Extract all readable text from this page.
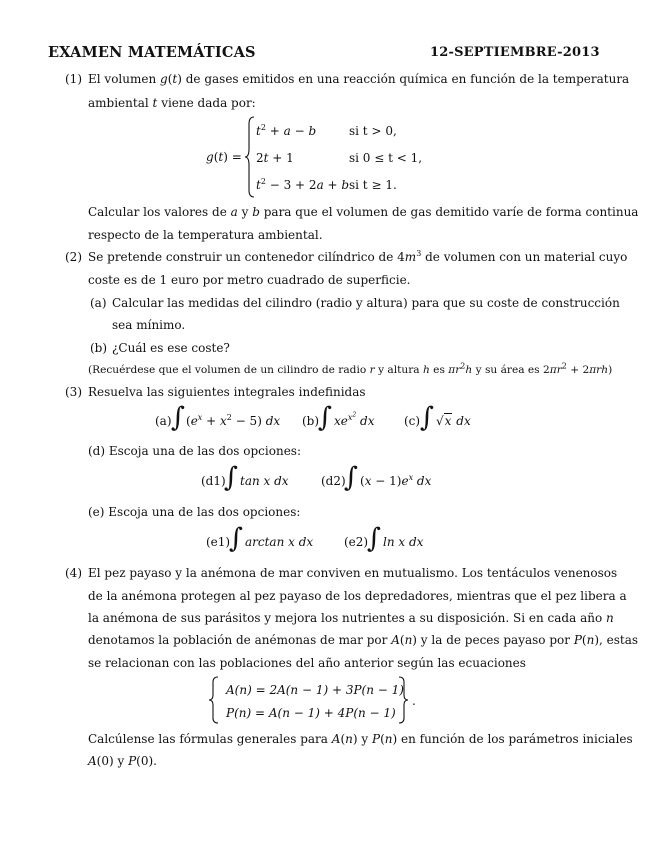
EXAMEN MATEMÁTICAS	12-SEPTIEMBRE-2013
(1) El volumen g(t) de gases emitidos en una reacción química en función de la temperatura
ambiental t viene dada por:
g(t) =
$t^2 + a - b$	si t > 0,
2t + 1	si 0 ≤ t < 1,
$t^2 - 3 + 2a + b$ si t ≥ 1.
Calcular los valores de a y b para que el volumen de gas demitido varíe de forma continua
respecto de la temperatura ambiental.
(2) Se pretende construir un contenedor cilíndrico de $4m^3$ de volumen con un material cuyo
coste es de 1 euro por metro cuadrado de superficie.
(a) Calcular las medidas del cilindro (radio y altura) para que su coste de construcción
sea mínimo.
(b) ¿Cuál es ese coste?
(Recuérdese que el volumen de un cilindro de radio r y altura h es $\pi r^2h$ y su área es $2\pi r^2 + 2\pi rh$)
(3) Resuelva las siguientes integrales indefinidas
(a) ∫ $(e^x + x^2 - 5)$ dx (b)
∫ $xe^{x^2}$ dx (c) ∫ √x dx
(d) Escoja una de las dos opciones:
(d1)
∫ tan x dx	(d2)
∫ $(x - 1)e^x$ dx
(e) Escoja una de las dos opciones:
(e1)
∫ arctan x dx	(e2)
∫ ln x dx
(4) El pez payaso y la anémona de mar conviven en mutualismo. Los tentáculos venenosos
de la anémona protegen al pez payaso de los depredadores, mientras que el pez libera a
la anémona de sus parásitos y mejora los nutrientes a su disposición. Si en cada año n
denotamos la población de anémonas de mar por A(n) y la de peces payaso por P(n), estas
se relacionan con las poblaciones del año anterior según las ecuaciones
A(n) = 2A(n − 1) + 3P(n − 1)
P(n) = A(n − 1) + 4P(n − 1)
.
Calcúlense las fórmulas generales para A(n) y P(n) en función de los parámetros iniciales
A(0) y P(0).
